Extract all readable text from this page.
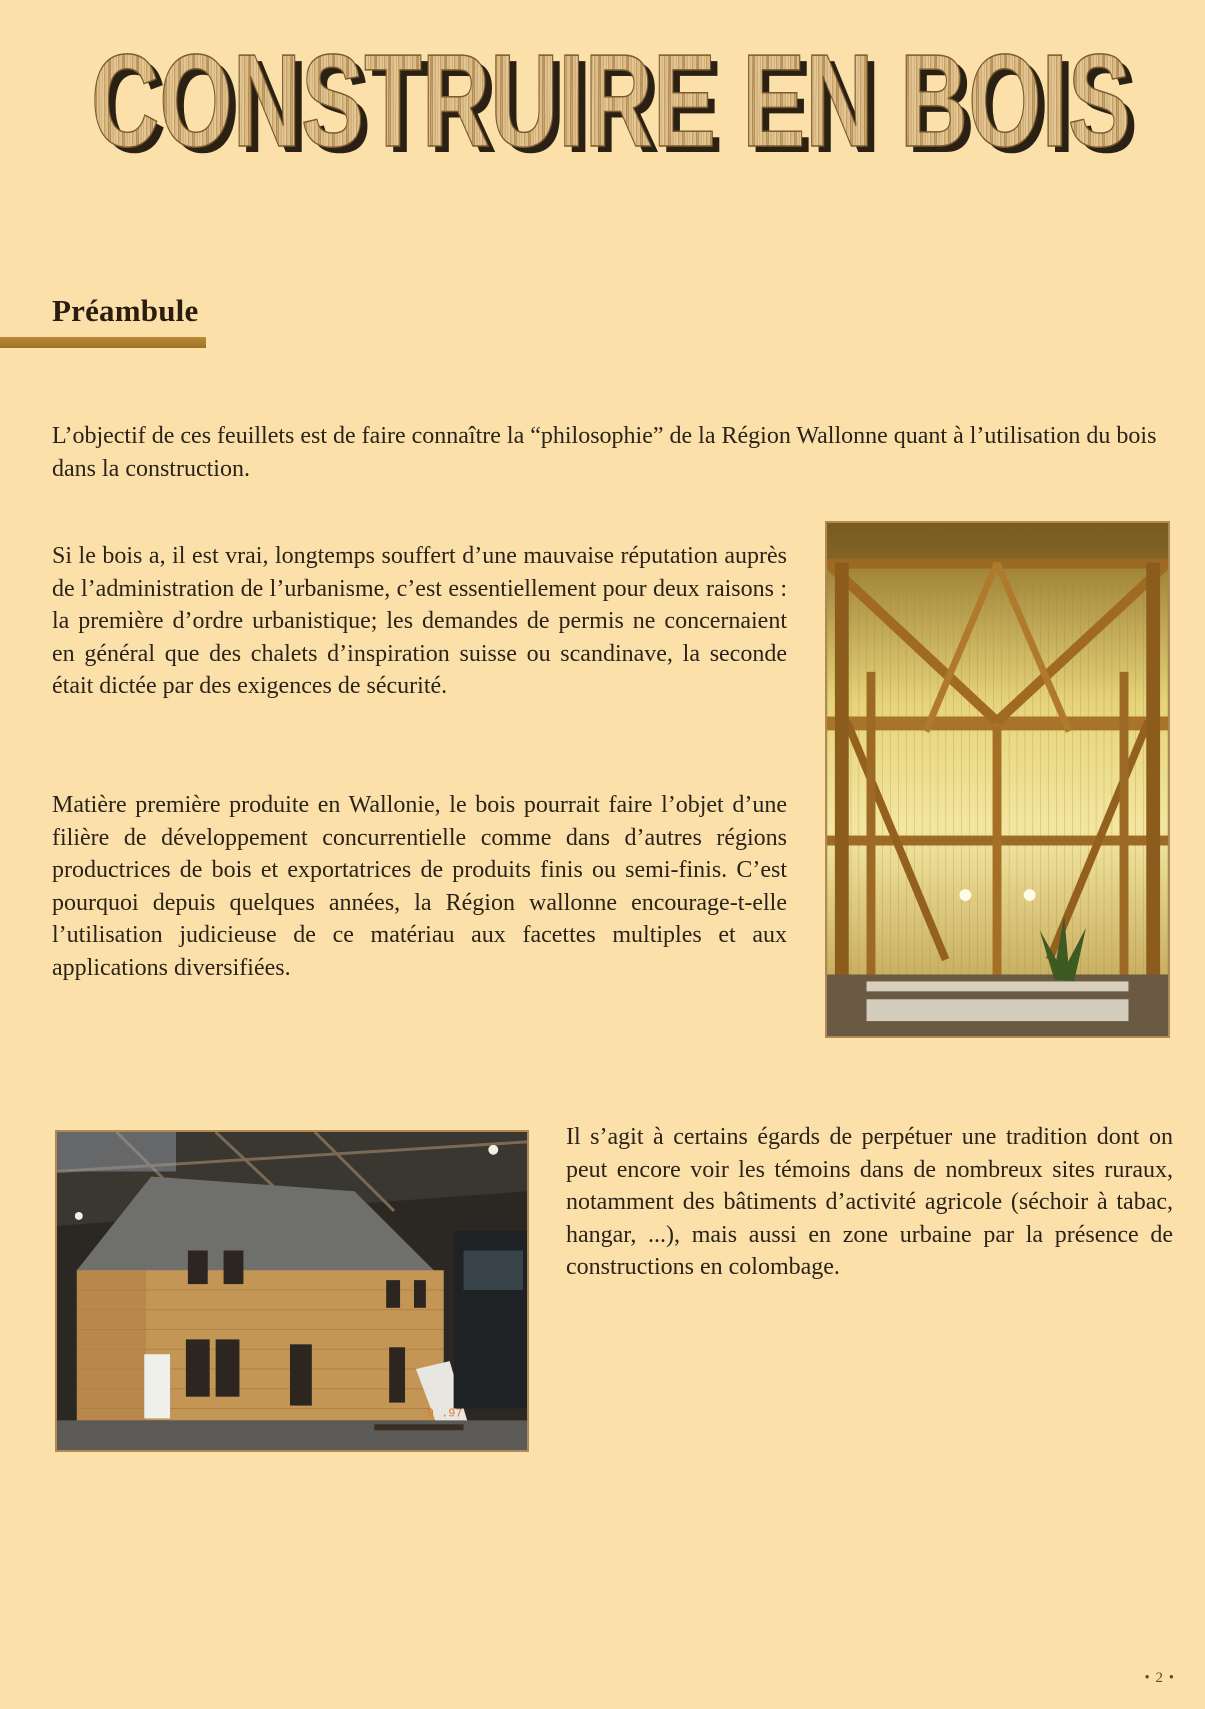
CONSTRUIRE EN BOIS
CONSTRUIRE EN BOIS
Préambule

L’objectif de ces feuillets est de faire connaître la “philosophie” de la Région Wallonne quant à l’utilisation du bois dans la construction.

Si le bois a, il est vrai, longtemps souffert d’une mauvaise réputation auprès de l’administration de l’urbanisme, c’est essentiellement pour deux raisons : la première d’ordre urbanistique; les demandes de permis ne concernaient en général que des chalets d’inspiration suisse ou scandinave, la seconde était dictée par des exigences de sécurité.

Matière première produite en Wallonie, le bois pourrait faire l’objet d’une filière de développement concurrentielle comme dans d’autres régions productrices de bois et exportatrices de produits finis ou semi-finis. C’est pourquoi depuis quelques années, la Région wallonne encourage-t-elle l’utilisation judicieuse de ce matériau aux facettes multiples et aux applications diversifiées.

Il s’agit à certains égards de perpétuer une tradition dont on peut encore voir les témoins dans de nombreux sites ruraux, notamment des bâtiments d’activité agricole (séchoir à tabac, hangar, ...), mais aussi en zone urbaine par la présence de constructions en colombage.

9 .97
• 2 •
